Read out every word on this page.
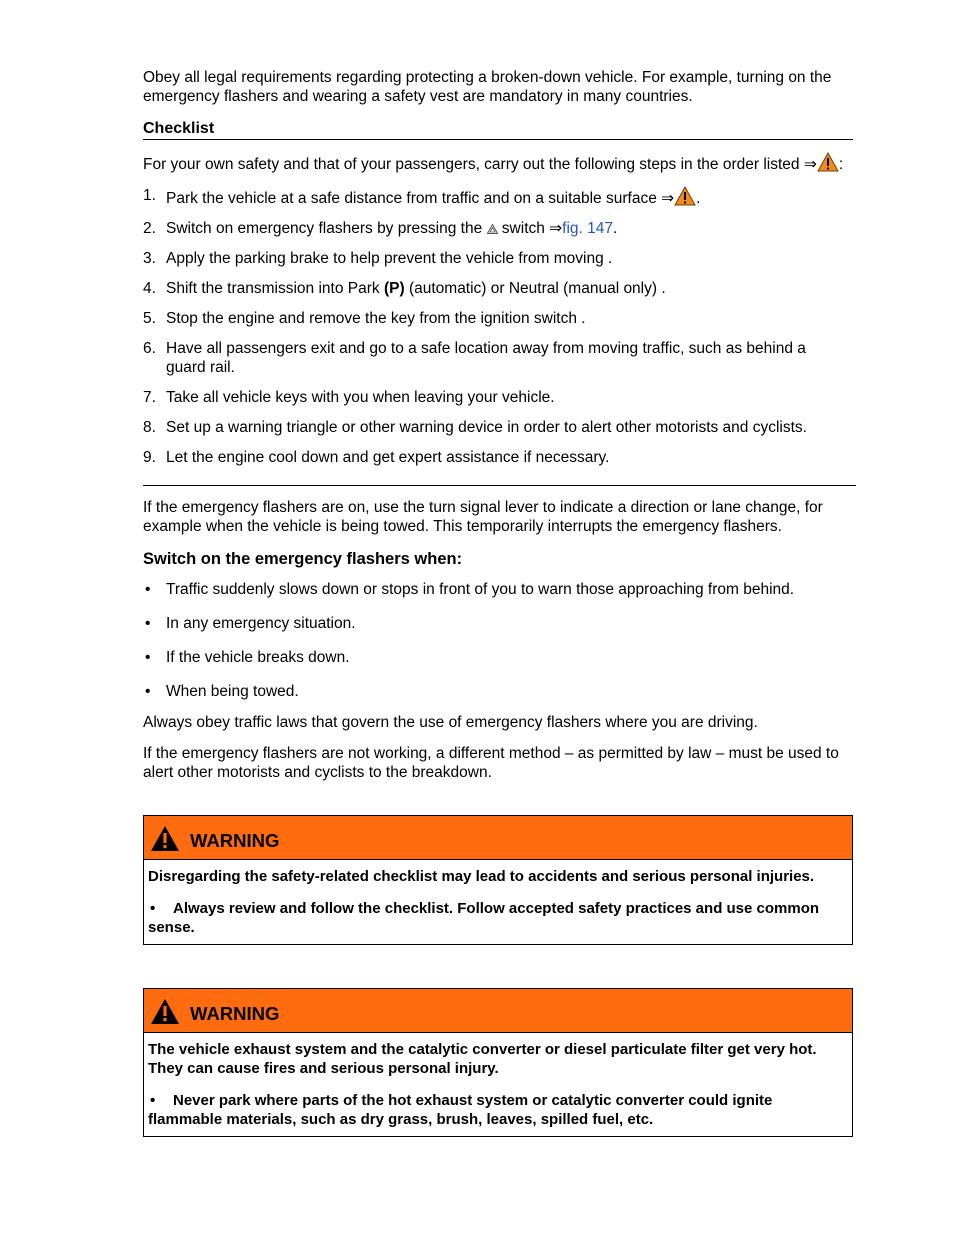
Obey all legal requirements regarding protecting a broken-down vehicle. For example, turning on the emergency flashers and wearing a safety vest are mandatory in many countries.

Checklist

For your own safety and that of your passengers, carry out the following steps in the order listed ⇒ :

1. Park the vehicle at a safe distance from traffic and on a suitable surface ⇒ .
2. Switch on emergency flashers by pressing the  switch ⇒fig. 147.
3. Apply the parking brake to help prevent the vehicle from moving .
4. Shift the transmission into Park (P) (automatic) or Neutral (manual only) .
5. Stop the engine and remove the key from the ignition switch .
6. Have all passengers exit and go to a safe location away from moving traffic, such as behind a
guard rail.
7. Take all vehicle keys with you when leaving your vehicle.
8. Set up a warning triangle or other warning device in order to alert other motorists and cyclists.
9. Let the engine cool down and get expert assistance if necessary.

If the emergency flashers are on, use the turn signal lever to indicate a direction or lane change, for example when the vehicle is being towed. This temporarily interrupts the emergency flashers.

Switch on the emergency flashers when:
• Traffic suddenly slows down or stops in front of you to warn those approaching from behind.
• In any emergency situation.
• If the vehicle breaks down.
• When being towed.

Always obey traffic laws that govern the use of emergency flashers where you are driving.

If the emergency flashers are not working, a different method – as permitted by law – must be used to alert other motorists and cyclists to the breakdown.

WARNING
Disregarding the safety-related checklist may lead to accidents and serious personal injuries.
• Always review and follow the checklist. Follow accepted safety practices and use common
sense.
WARNING
The vehicle exhaust system and the catalytic converter or diesel particulate filter get very hot.
They can cause fires and serious personal injury.
• Never park where parts of the hot exhaust system or catalytic converter could ignite
flammable materials, such as dry grass, brush, leaves, spilled fuel, etc.
